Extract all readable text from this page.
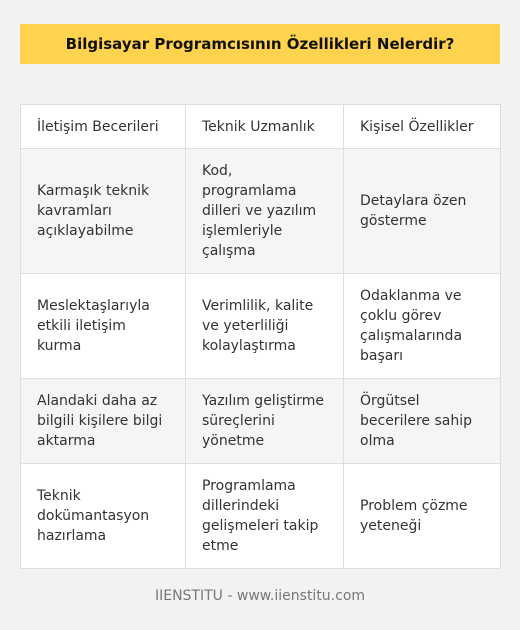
Bilgisayar Programcısının Özellikleri Nelerdir?
İletişim Becerileri	Teknik Uzmanlık	Kişisel Özellikler
Karmaşık teknik kavramları açıklayabilme	Kod, programlama dilleri ve yazılım işlemleriyle çalışma	Detaylara özen gösterme
Meslektaşlarıyla etkili iletişim kurma	Verimlilik, kalite ve yeterliliği kolaylaştırma	Odaklanma ve çoklu görev çalışmalarında başarı
Alandaki daha az bilgili kişilere bilgi aktarma	Yazılım geliştirme süreçlerini yönetme	Örgütsel becerilere sahip olma
Teknik dokümantasyon hazırlama	Programlama dillerindeki gelişmeleri takip etme	Problem çözme yeteneği
IIENSTITU - www.iienstitu.com
